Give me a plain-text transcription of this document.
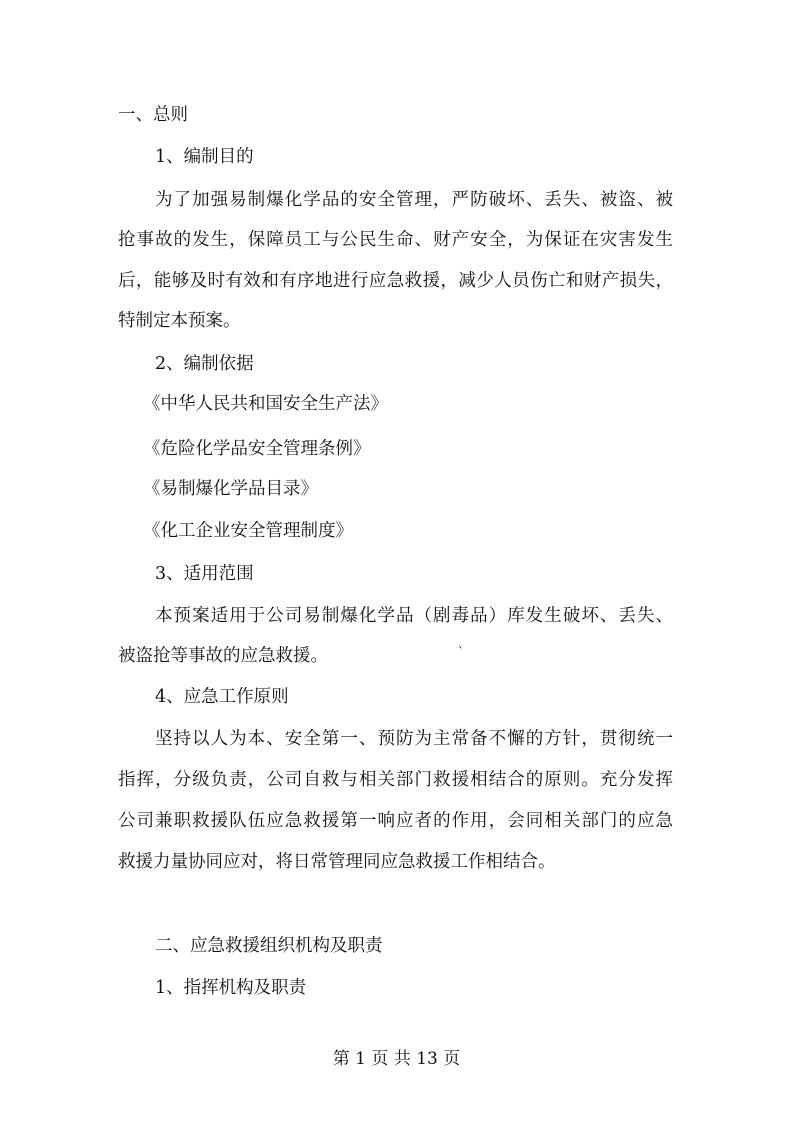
一、总则
1、编制目的
为了加强易制爆化学品的安全管理，严防破坏、丢失、被盗、被
抢事故的发生，保障员工与公民生命、财产安全，为保证在灾害发生
后，能够及时有效和有序地进行应急救援，减少人员伤亡和财产损失，
特制定本预案。
2、编制依据
《中华人民共和国安全生产法》
《危险化学品安全管理条例》
《易制爆化学品目录》
《化工企业安全管理制度》
3、适用范围
本预案适用于公司易制爆化学品（剧毒品）库发生破坏、丢失、
被盗抢等事故的应急救援。	`
4、应急工作原则
坚持以人为本、安全第一、预防为主常备不懈的方针，贯彻统一
指挥，分级负责，公司自救与相关部门救援相结合的原则。充分发挥
公司兼职救援队伍应急救援第一响应者的作用，会同相关部门的应急
救援力量协同应对，将日常管理同应急救援工作相结合。
二、应急救援组织机构及职责
1、指挥机构及职责
第 1 页 共 13 页
